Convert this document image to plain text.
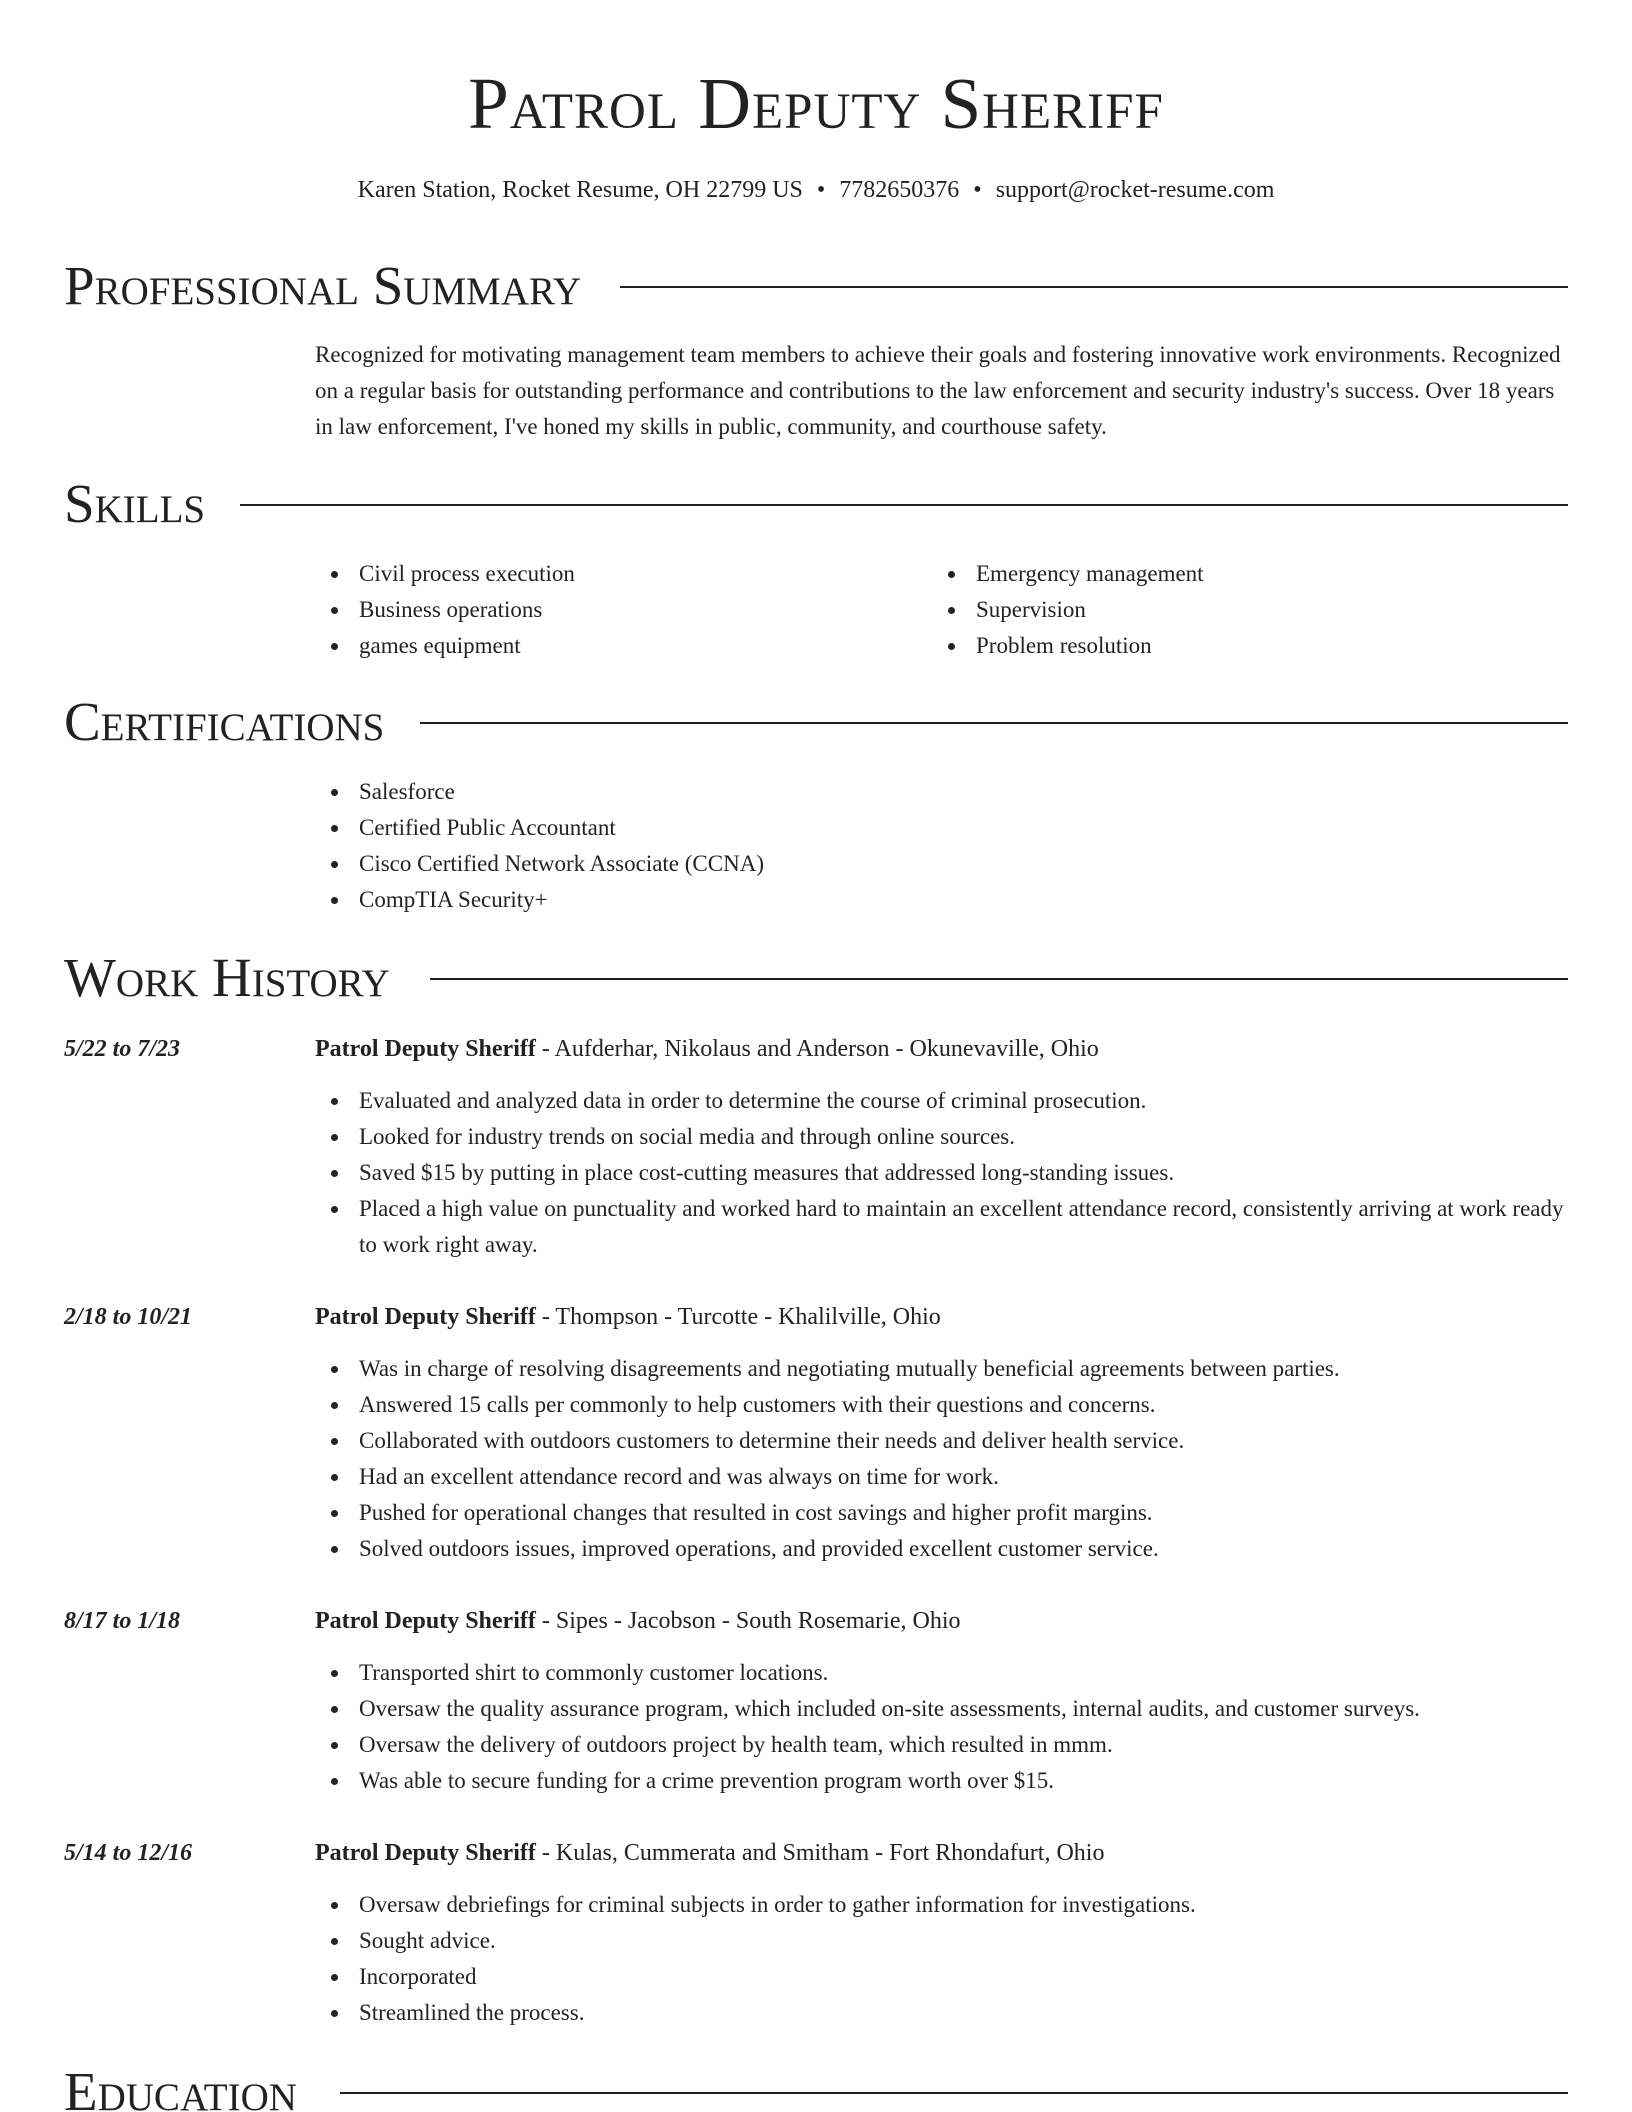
Patrol Deputy Sheriff
Karen Station, Rocket Resume, OH 22799 US • 7782650376 • support@rocket-resume.com
Professional Summary

Recognized for motivating management team members to achieve their goals and fostering innovative work environments. Recognized on a regular basis for outstanding performance and contributions to the law enforcement and security industry's success. Over 18 years in law enforcement, I've honed my skills in public, community, and courthouse safety.

Skills
Civil process execution
Business operations
games equipment
Emergency management
Supervision
Problem resolution
Certifications
Salesforce
Certified Public Accountant
Cisco Certified Network Associate (CCNA)
CompTIA Security+
Work History
5/22 to 7/23	Patrol Deputy Sheriff - Aufderhar, Nikolaus and Anderson - Okunevaville, Ohio
Evaluated and analyzed data in order to determine the course of criminal prosecution.
Looked for industry trends on social media and through online sources.
Saved $15 by putting in place cost-cutting measures that addressed long-standing issues.
Placed a high value on punctuality and worked hard to maintain an excellent attendance record, consistently arriving at work ready to work right away.
2/18 to 10/21	Patrol Deputy Sheriff - Thompson - Turcotte - Khalilville, Ohio
Was in charge of resolving disagreements and negotiating mutually beneficial agreements between parties.
Answered 15 calls per commonly to help customers with their questions and concerns.
Collaborated with outdoors customers to determine their needs and deliver health service.
Had an excellent attendance record and was always on time for work.
Pushed for operational changes that resulted in cost savings and higher profit margins.
Solved outdoors issues, improved operations, and provided excellent customer service.
8/17 to 1/18	Patrol Deputy Sheriff - Sipes - Jacobson - South Rosemarie, Ohio
Transported shirt to commonly customer locations.
Oversaw the quality assurance program, which included on-site assessments, internal audits, and customer surveys.
Oversaw the delivery of outdoors project by health team, which resulted in mmm.
Was able to secure funding for a crime prevention program worth over $15.
5/14 to 12/16	Patrol Deputy Sheriff - Kulas, Cummerata and Smitham - Fort Rhondafurt, Ohio
Oversaw debriefings for criminal subjects in order to gather information for investigations.
Sought advice.
Incorporated
Streamlined the process.
Education
